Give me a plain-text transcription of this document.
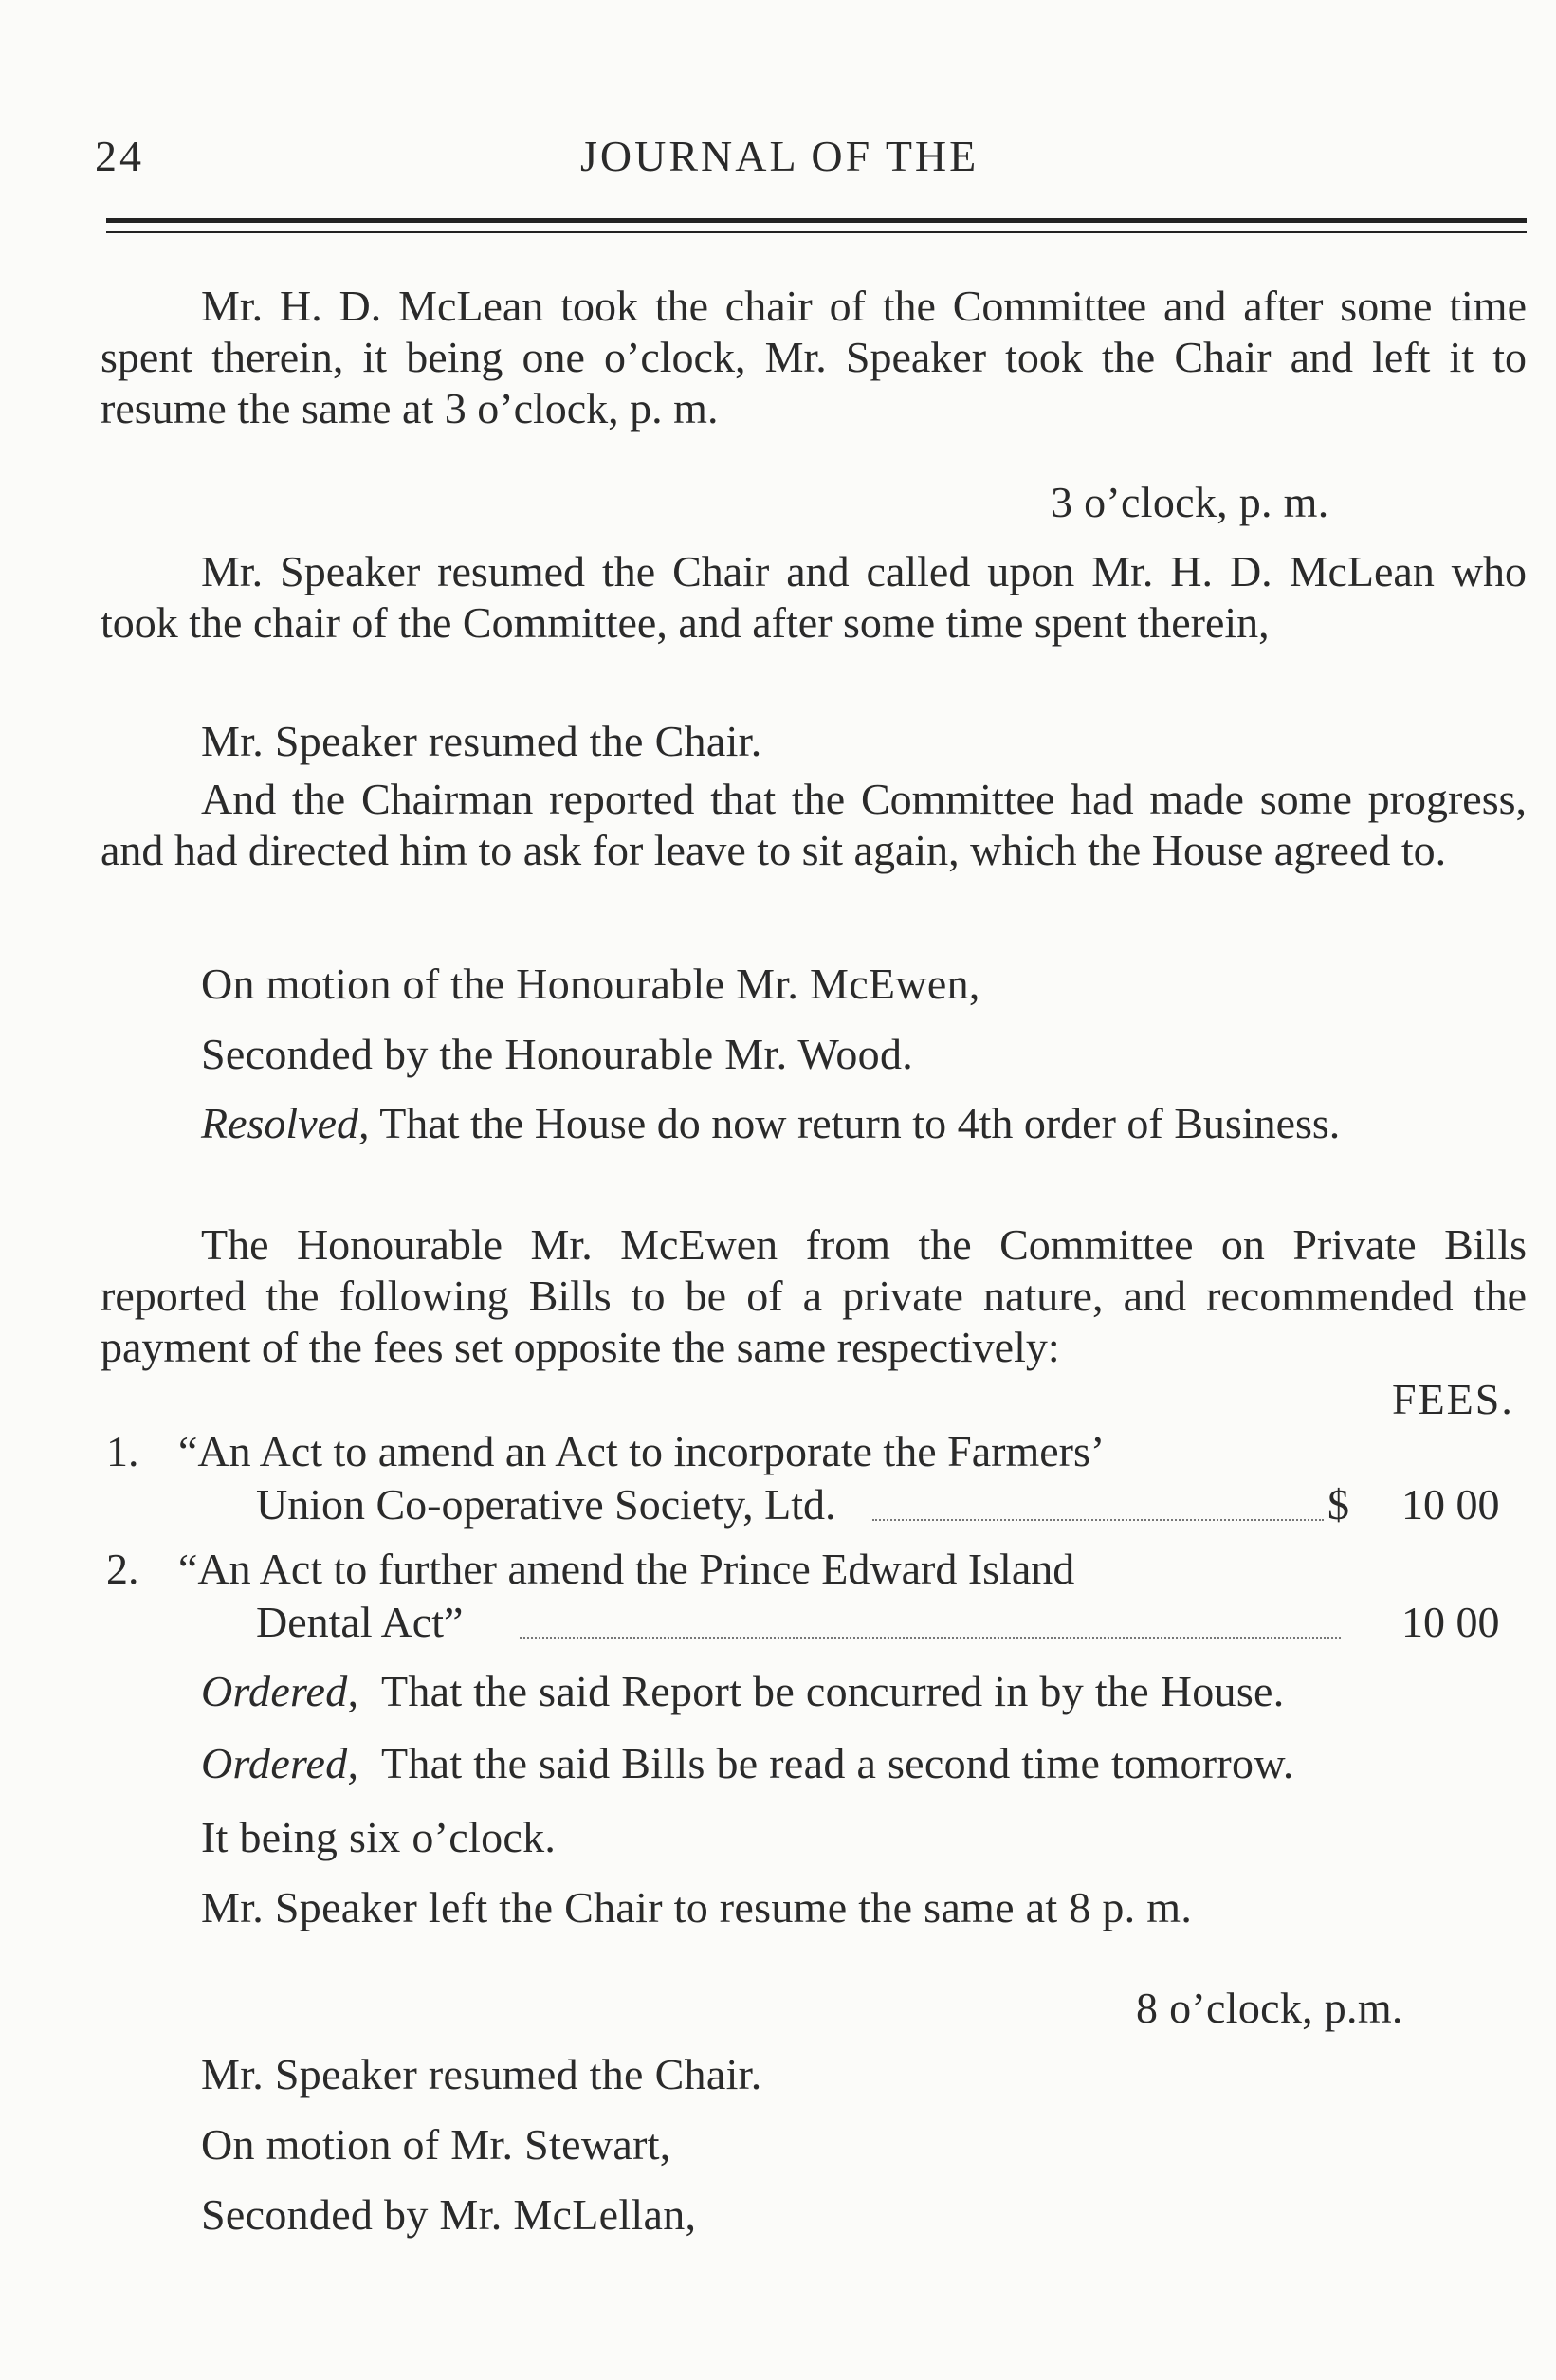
24	JOURNAL OF THE
Mr. H. D. McLean took the chair of the Committee and after some time spent therein, it being one o’clock, Mr. Speaker took the Chair and left it to resume the same at 3 o’clock, p. m.
3 o’clock, p. m.
Mr. Speaker resumed the Chair and called upon Mr. H. D. McLean who took the chair of the Committee, and after some time spent therein,
Mr. Speaker resumed the Chair.
And the Chairman reported that the Committee had made some progress, and had directed him to ask for leave to sit again, which the House agreed to.
On motion of the Honourable Mr. McEwen,
Seconded by the Honourable Mr. Wood.
Resolved, That the House do now return to 4th order of Business.
The Honourable Mr. McEwen from the Committee on Private Bills reported the following Bills to be of a private nature, and recommended the payment of the fees set opposite the same respectively:
FEES.
1. “An Act to amend an Act to incorporate the Farmers’
Union Co-operative Society, Ltd.	$ 10 00
2. “An Act to further amend the Prince Edward Island
Dental Act”	10 00
Ordered, That the said Report be concurred in by the House.
Ordered, That the said Bills be read a second time tomorrow.
It being six o’clock.
Mr. Speaker left the Chair to resume the same at 8 p. m.
8 o’clock, p.m.
Mr. Speaker resumed the Chair.
On motion of Mr. Stewart,
Seconded by Mr. McLellan,
